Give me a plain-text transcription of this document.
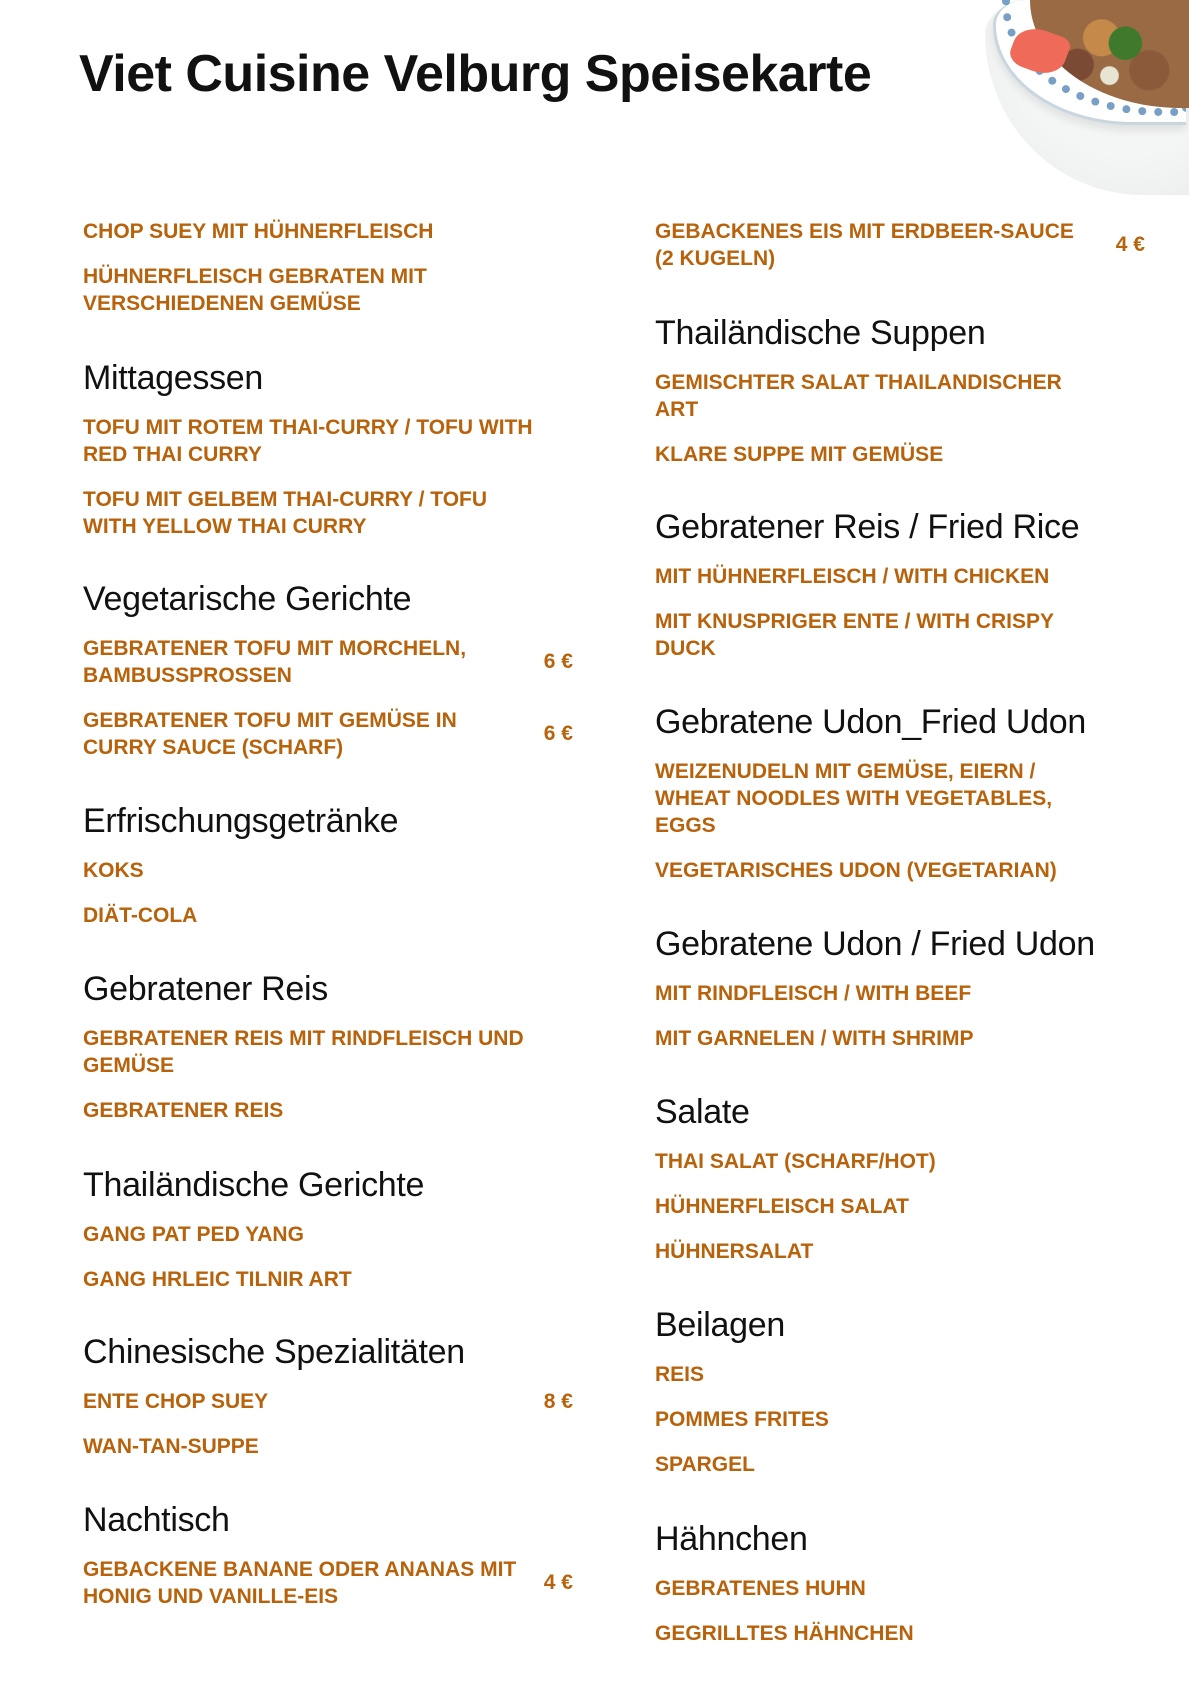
Viet Cuisine Velburg Speisekarte
CHOP SUEY MIT HÜHNERFLEISCH
HÜHNERFLEISCH GEBRATEN MIT VERSCHIEDENEN GEMÜSE
Mittagessen
TOFU MIT ROTEM THAI-CURRY / TOFU WITH RED THAI CURRY
TOFU MIT GELBEM THAI-CURRY / TOFU WITH YELLOW THAI CURRY
Vegetarische Gerichte
GEBRATENER TOFU MIT MORCHELN, BAMBUSSPROSSEN
6 €
GEBRATENER TOFU MIT GEMÜSE IN CURRY SAUCE (SCHARF)
6 €
Erfrischungsgetränke
KOKS
DIÄT-COLA
Gebratener Reis
GEBRATENER REIS MIT RINDFLEISCH UND GEMÜSE
GEBRATENER REIS
Thailändische Gerichte
GANG PAT PED YANG
GANG HRLEIC TILNIR ART
Chinesische Spezialitäten
ENTE CHOP SUEY	8 €
WAN-TAN-SUPPE
Nachtisch
GEBACKENE BANANE ODER ANANAS MIT HONIG UND VANILLE-EIS
4 €
GEBACKENES EIS MIT ERDBEER-SAUCE (2 KUGELN)
4 €
Thailändische Suppen
GEMISCHTER SALAT THAILANDISCHER ART
KLARE SUPPE MIT GEMÜSE
Gebratener Reis / Fried Rice
MIT HÜHNERFLEISCH / WITH CHICKEN
MIT KNUSPRIGER ENTE / WITH CRISPY DUCK
Gebratene Udon_Fried Udon
WEIZENUDELN MIT GEMÜSE, EIERN / WHEAT NOODLES WITH VEGETABLES, EGGS
VEGETARISCHES UDON (VEGETARIAN)
Gebratene Udon / Fried Udon
MIT RINDFLEISCH / WITH BEEF
MIT GARNELEN / WITH SHRIMP
Salate
THAI SALAT (SCHARF/HOT)
HÜHNERFLEISCH SALAT
HÜHNERSALAT
Beilagen
REIS
POMMES FRITES
SPARGEL
Hähnchen
GEBRATENES HUHN
GEGRILLTES HÄHNCHEN
